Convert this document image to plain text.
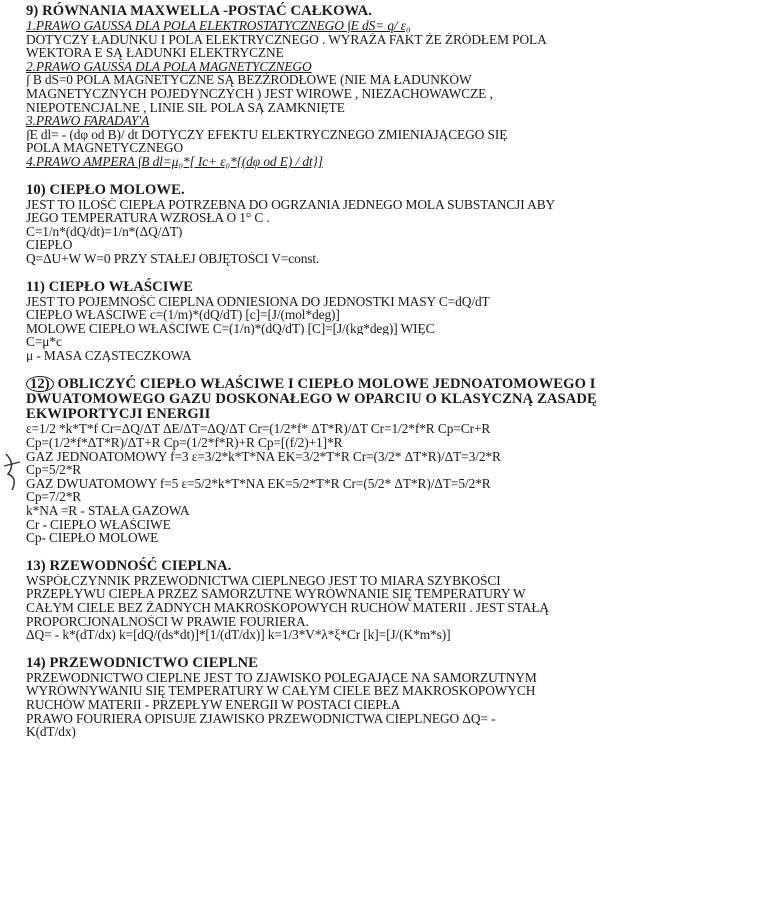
9) RÓWNANIA MAXWELLA -POSTAĆ CAŁKOWA.
1.PRAWO GAUSSA DLA POLA ELEKTROSTATYCZNEGO ∫E dS= q/ ε₀
DOTYCZY ŁADUNKU I POLA ELEKTRYCZNEGO . WYRAŻA FAKT ŻE ŹRÓDŁEM POLA
WEKTORA E SĄ ŁADUNKI ELEKTRYCZNE
2.PRAWO GAUSSA DLA POLA MAGNETYCZNEGO
∫ B dS=0 POLA MAGNETYCZNE SĄ BEZŹRÓDŁOWE (NIE MA ŁADUNKÓW
MAGNETYCZNYCH POJEDYNCZYCH ) JEST WIROWE , NIEZACHOWAWCZE ,
NIEPOTENCJALNE , LINIE SIŁ POLA SĄ ZAMKNIĘTE
3.PRAWO FARADAY'A
∫E dl= - (dφ od B)/ dt DOTYCZY EFEKTU ELEKTRYCZNEGO ZMIENIAJĄCEGO SIĘ
POLA MAGNETYCZNEGO
4.PRAWO AMPERA ∫B dl=μ₀*[ Ic+ ε₀*{(dφ od E) / dt}]
10) CIEPŁO MOLOWE.
JEST TO ILOŚĆ CIEPŁA POTRZEBNA DO OGRZANIA JEDNEGO MOLA SUBSTANCJI ABY
JEGO TEMPERATURA WZROSŁA O 1° C .
C=1/n*(dQ/dt)=1/n*(ΔQ/ΔT)
CIEPŁO
Q=ΔU+W W=0 PRZY STAŁEJ OBJĘTOŚCI V=const.
11) CIEPŁO WŁAŚCIWE
JEST TO POJEMNOŚĆ CIEPLNA ODNIESIONA DO JEDNOSTKI MASY C=dQ/dT
CIEPŁO WŁAŚCIWE c=(1/m)*(dQ/dT) [c]=[J/(mol*deg)]
MOLOWE CIEPŁO WŁAŚCIWE C=(1/n)*(dQ/dT) [C]=[J/(kg*deg)] WIĘC
C=μ*c
μ - MASA CZĄSTECZKOWA
12) OBLICZYĆ CIEPŁO WŁAŚCIWE I CIEPŁO MOLOWE JEDNOATOMOWEGO I
DWUATOMOWEGO GAZU DOSKONAŁEGO W OPARCIU O KLASYCZNĄ ZASADĘ
EKWIPORTYCJI ENERGII
ε=1/2 *k*T*f Cr=ΔQ/ΔT ΔE/ΔT=ΔQ/ΔT Cr=(1/2*f* ΔT*R)/ΔT Cr=1/2*f*R Cp=Cr+R
Cp=(1/2*f*ΔT*R)/ΔT+R Cp=(1/2*f*R)+R Cp=[(f/2)+1]*R
GAZ JEDNOATOMOWY f=3 ε=3/2*k*T*NA EK=3/2*T*R Cr=(3/2* ΔT*R)/ΔT=3/2*R
Cp=5/2*R
GAZ DWUATOMOWY f=5 ε=5/2*k*T*NA EK=5/2*T*R Cr=(5/2* ΔT*R)/ΔT=5/2*R
Cp=7/2*R
k*NA =R - STAŁA GAZOWA
Cr - CIEPŁO WŁAŚCIWE
Cp- CIEPŁO MOLOWE
13) RZEWODNOŚĆ CIEPLNA.
WSPÓŁCZYNNIK PRZEWODNICTWA CIEPLNEGO JEST TO MIARA SZYBKOŚCI
PRZEPŁYWU CIEPŁA PRZEZ SAMORZUTNE WYRÓWNANIE SIĘ TEMPERATURY W
CAŁYM CIELE BEZ ŻADNYCH MAKROSKOPOWYCH RUCHÓW MATERII . JEST STAŁĄ
PROPORCJONALNOŚCI W PRAWIE FOURIERA.
ΔQ= - k*(dT/dx) k=[dQ/(ds*dt)]*[1/(dT/dx)] k=1/3*V*λ*ξ*Cr [k]=[J/(K*m*s)]
14) PRZEWODNICTWO CIEPLNE
PRZEWODNICTWO CIEPLNE JEST TO ZJAWISKO POLEGAJĄCE NA SAMORZUTNYM
WYRÓWNYWANIU SIĘ TEMPERATURY W CAŁYM CIELE BEZ MAKROSKOPOWYCH
RUCHÓW MATERII - PRZEPŁYW ENERGII W POSTACI CIEPŁA
PRAWO FOURIERA OPISUJE ZJAWISKO PRZEWODNICTWA CIEPLNEGO ΔQ= -
K(dT/dx)
